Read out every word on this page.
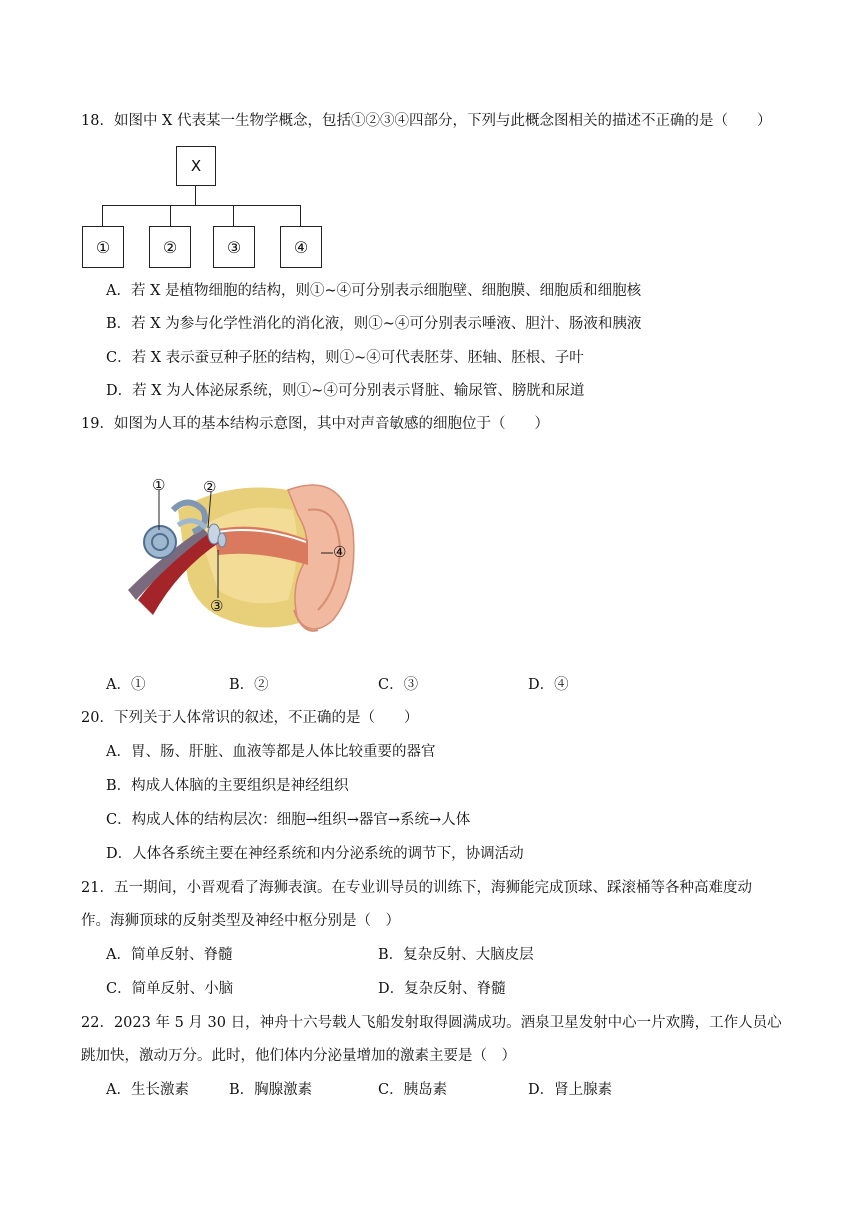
18．如图中 X 代表某一生物学概念，包括①②③④四部分，下列与此概念图相关的描述不正确的是（　　）
X
①	②	③	④
A．若 X 是植物细胞的结构，则①~④可分别表示细胞壁、细胞膜、细胞质和细胞核
B．若 X 为参与化学性消化的消化液，则①~④可分别表示唾液、胆汁、肠液和胰液
C．若 X 表示蚕豆种子胚的结构，则①~④可代表胚芽、胚轴、胚根、子叶
D．若 X 为人体泌尿系统，则①~④可分别表示肾脏、输尿管、膀胱和尿道
19．如图为人耳的基本结构示意图，其中对声音敏感的细胞位于（　　）
①	②
③
④
A．①	B．②	C．③	D．④
20．下列关于人体常识的叙述，不正确的是（　　）
A．胃、肠、肝脏、血液等都是人体比较重要的器官
B．构成人体脑的主要组织是神经组织
C．构成人体的结构层次：细胞→组织→器官→系统→人体
D．人体各系统主要在神经系统和内分泌系统的调节下，协调活动
21．五一期间，小晋观看了海狮表演。在专业训导员的训练下，海狮能完成顶球、踩滚桶等各种高难度动
作。海狮顶球的反射类型及神经中枢分别是（　）
A．简单反射、脊髓	B．复杂反射、大脑皮层
C．简单反射、小脑	D．复杂反射、脊髓
22．2023 年 5 月 30 日，神舟十六号载人飞船发射取得圆满成功。酒泉卫星发射中心一片欢腾，工作人员心
跳加快，激动万分。此时，他们体内分泌量增加的激素主要是（　）
A．生长激素	B．胸腺激素	C．胰岛素	D．肾上腺素
